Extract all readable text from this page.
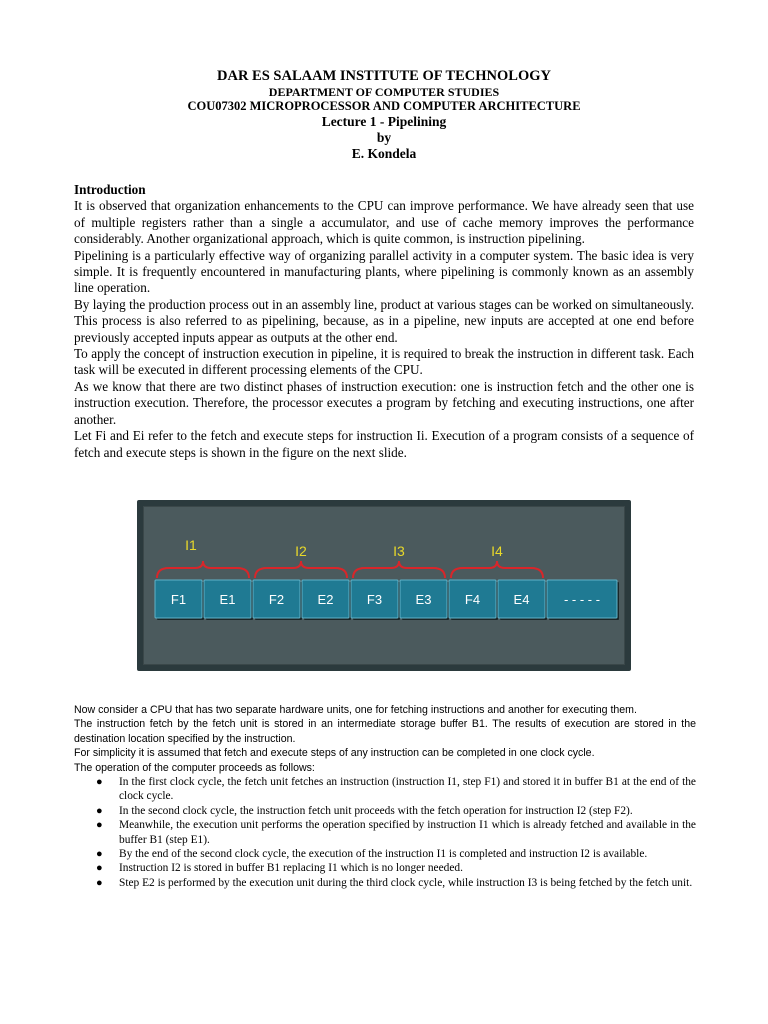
DAR ES SALAAM INSTITUTE OF TECHNOLOGY
DEPARTMENT OF COMPUTER STUDIES
COU07302 MICROPROCESSOR AND COMPUTER ARCHITECTURE
Lecture 1 - Pipelining
by
E. Kondela
Introduction

It is observed that organization enhancements to the CPU can improve performance. We have already seen that use of multiple registers rather than a single a accumulator, and use of cache memory improves the performance considerably. Another organizational approach, which is quite common, is instruction pipelining.

Pipelining is a particularly effective way of organizing parallel activity in a computer system. The basic idea is very simple. It is frequently encountered in manufacturing plants, where pipelining is commonly known as an assembly line operation.

By laying the production process out in an assembly line, product at various stages can be worked on simultaneously. This process is also referred to as pipelining, because, as in a pipeline, new inputs are accepted at one end before previously accepted inputs appear as outputs at the other end.

To apply the concept of instruction execution in pipeline, it is required to break the instruction in different task. Each task will be executed in different processing elements of the CPU.

As we know that there are two distinct phases of instruction execution: one is instruction fetch and the other one is instruction execution. Therefore, the processor executes a program by fetching and executing instructions, one after another.

Let Fi and Ei refer to the fetch and execute steps for instruction Ii. Execution of a program consists of a sequence of fetch and execute steps is shown in the figure on the next slide.

F1	E1	F2	E2	F3	E3	F4	E4	- - - - -
I1	I2	I3	I4

Now consider a CPU that has two separate hardware units, one for fetching instructions and another for executing them.

The instruction fetch by the fetch unit is stored in an intermediate storage buffer B1. The results of execution are stored in the destination location specified by the instruction.

For simplicity it is assumed that fetch and execute steps of any instruction can be completed in one clock cycle.

The operation of the computer proceeds as follows:

● In the first clock cycle, the fetch unit fetches an instruction (instruction I1, step F1) and stored it in buffer B1 at the end of the clock cycle.
● In the second clock cycle, the instruction fetch unit proceeds with the fetch operation for instruction I2 (step F2).
● Meanwhile, the execution unit performs the operation specified by instruction I1 which is already fetched and available in the buffer B1 (step E1).
● By the end of the second clock cycle, the execution of the instruction I1 is completed and instruction I2 is available.
● Instruction I2 is stored in buffer B1 replacing I1 which is no longer needed.
● Step E2 is performed by the execution unit during the third clock cycle, while instruction I3 is being fetched by the fetch unit.
